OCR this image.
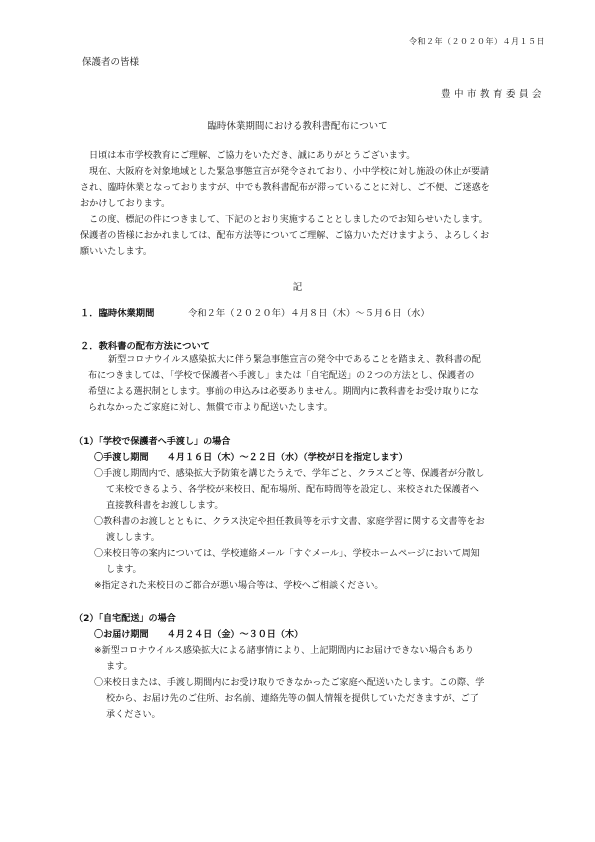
令和２年（２０２０年）４月１５日
保護者の皆様
豊中市教育委員会
臨時休業期間における教科書配布について
日頃は本市学校教育にご理解、ご協力をいただき、誠にありがとうございます。
現在、大阪府を対象地域とした緊急事態宣言が発令されており、小中学校に対し施設の休止が要請
され、臨時休業となっておりますが、中でも教科書配布が滞っていることに対し、ご不便、ご迷惑を
おかけしております。
この度、標記の件につきまして、下記のとおり実施することとしましたのでお知らせいたします。
保護者の皆様におかれましては、配布方法等についてご理解、ご協力いただけますよう、よろしくお
願いいたします。
記
１．臨時休業期間	令和２年（２０２０年）４月８日（木）～５月６日（水）
２．教科書の配布方法について
新型コロナウイルス感染拡大に伴う緊急事態宣言の発令中であることを踏まえ、教科書の配
布につきましては、「学校で保護者へ手渡し」または「自宅配送」の２つの方法とし、保護者の
希望による選択制とします。事前の申込みは必要ありません。期間内に教科書をお受け取りにな
られなかったご家庭に対し、無償で市より配送いたします。
（1）「学校で保護者へ手渡し」の場合
〇手渡し期間　　４月１６日（木）～２２日（水）（学校が日を指定します）
〇手渡し期間内で、感染拡大予防策を講じたうえで、学年ごと、クラスごと等、保護者が分散し
て来校できるよう、各学校が来校日、配布場所、配布時間等を設定し、来校された保護者へ
直接教科書をお渡しします。
〇教科書のお渡しとともに、クラス決定や担任教員等を示す文書、家庭学習に関する文書等をお
渡しします。
〇来校日等の案内については、学校連絡メール「すぐメール」、学校ホームページにおいて周知
します。
※指定された来校日のご都合が悪い場合等は、学校へご相談ください。
（2）「自宅配送」の場合
〇お届け期間　　４月２４日（金）～３０日（木）
※新型コロナウイルス感染拡大による諸事情により、上記期間内にお届けできない場合もあり
ます。
〇来校日または、手渡し期間内にお受け取りできなかったご家庭へ配送いたします。この際、学
校から、お届け先のご住所、お名前、連絡先等の個人情報を提供していただきますが、ご了
承ください。
